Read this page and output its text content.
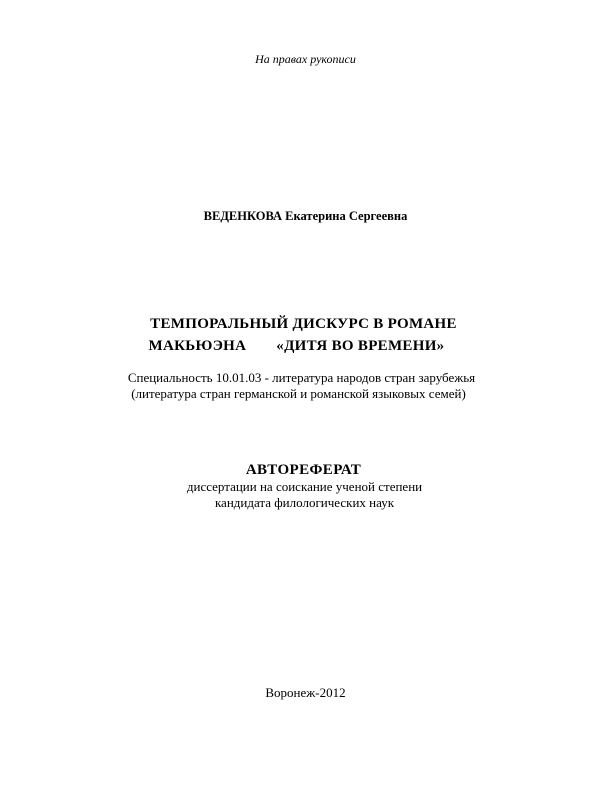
На правах рукописи
ВЕДЕНКОВА Екатерина Сергеевна
ТЕМПОРАЛЬНЫЙ ДИСКУРС В РОМАНЕ
МАКЬЮЭНА «ДИТЯ ВО ВРЕМЕНИ»
Специальность 10.01.03 - литература народов стран зарубежья
(литература стран германской и романской языковых семей)
АВТОРЕФЕРАТ
диссертации на соискание ученой степени
кандидата филологических наук
Воронеж-2012
